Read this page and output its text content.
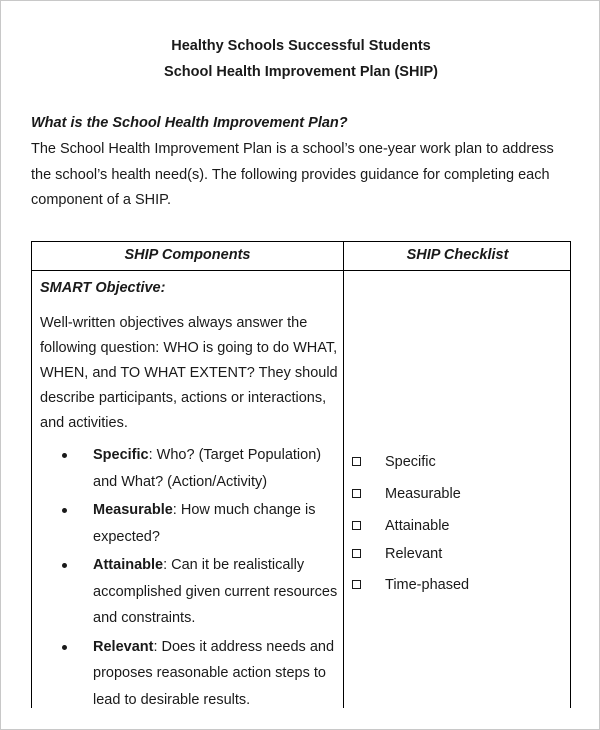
Healthy Schools Successful Students
School Health Improvement Plan (SHIP)
What is the School Health Improvement Plan?
The School Health Improvement Plan is a school’s one-year work plan to address the school’s health need(s). The following provides guidance for completing each component of a SHIP.
SHIP Components	SHIP Checklist
SMART Objective:
Well-written objectives always answer the following question: WHO is going to do WHAT, WHEN, and TO WHAT EXTENT? They should describe participants, actions or interactions, and activities.
Specific: Who? (Target Population) and What? (Action/Activity)
Measurable: How much change is expected?
Attainable: Can it be realistically accomplished given current resources and constraints.
Relevant: Does it address needs and proposes reasonable action steps to lead to desirable results.
Specific
Measurable
Attainable
Relevant
Time-phased
